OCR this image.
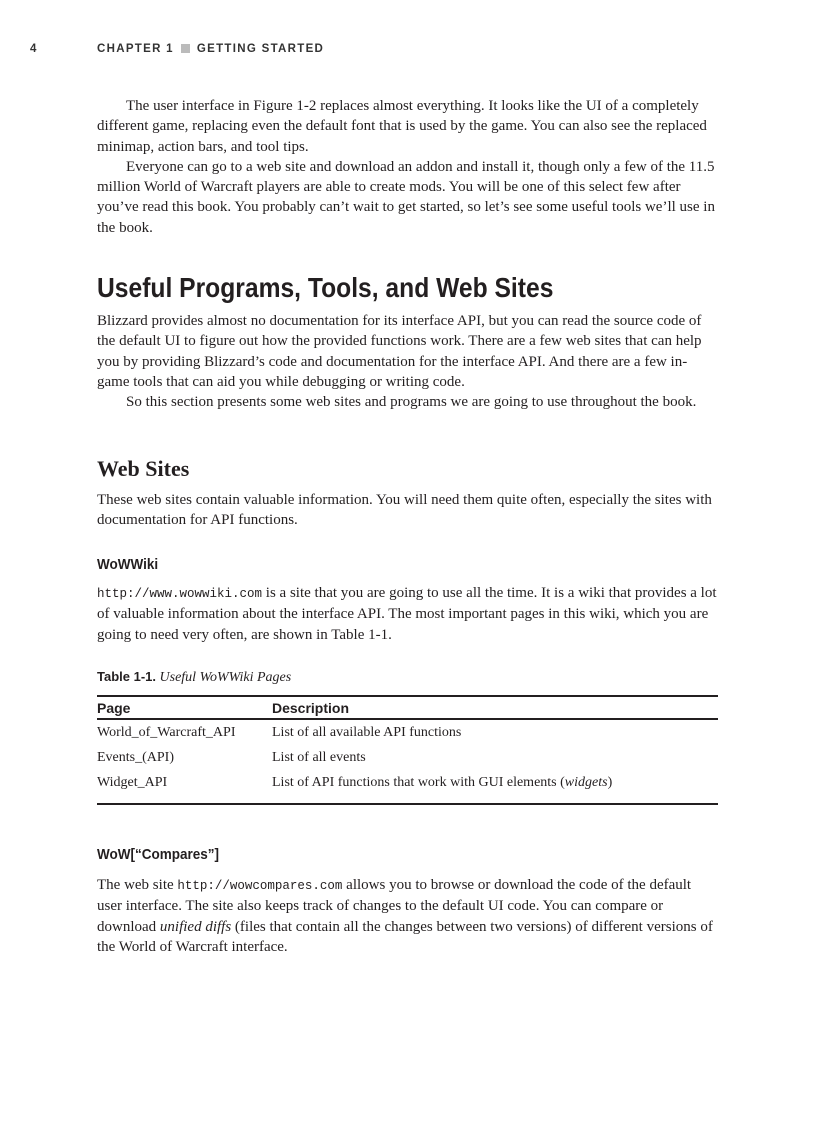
4	CHAPTER 1 GETTING STARTED

The user interface in Figure 1-2 replaces almost everything. It looks like the UI of a completely different game, replacing even the default font that is used by the game. You can also see the replaced minimap, action bars, and tool tips.

Everyone can go to a web site and download an addon and install it, though only a few of the 11.5 million World of Warcraft players are able to create mods. You will be one of this select few after you’ve read this book. You probably can’t wait to get started, so let’s see some useful tools we’ll use in the book.

Useful Programs, Tools, and Web Sites

Blizzard provides almost no documentation for its interface API, but you can read the source code of the default UI to figure out how the provided functions work. There are a few web sites that can help you by providing Blizzard’s code and documentation for the interface API. And there are a few in-game tools that can aid you while debugging or writing code.

So this section presents some web sites and programs we are going to use throughout the book.

Web Sites

These web sites contain valuable information. You will need them quite often, especially the sites with documentation for API functions.

WoWWiki

http://www.wowwiki.com is a site that you are going to use all the time. It is a wiki that provides a lot of valuable information about the interface API. The most important pages in this wiki, which you are going to need very often, are shown in Table 1-1.

Table 1-1. Useful WoWWiki Pages
Page	Description
World_of_Warcraft_API	List of all available API functions
Events_(API)	List of all events
Widget_API	List of API functions that work with GUI elements (widgets)
WoW[“Compares”]

The web site http://wowcompares.com allows you to browse or download the code of the default user interface. The site also keeps track of changes to the default UI code. You can compare or download unified diffs (files that contain all the changes between two versions) of different versions of the World of Warcraft interface.
